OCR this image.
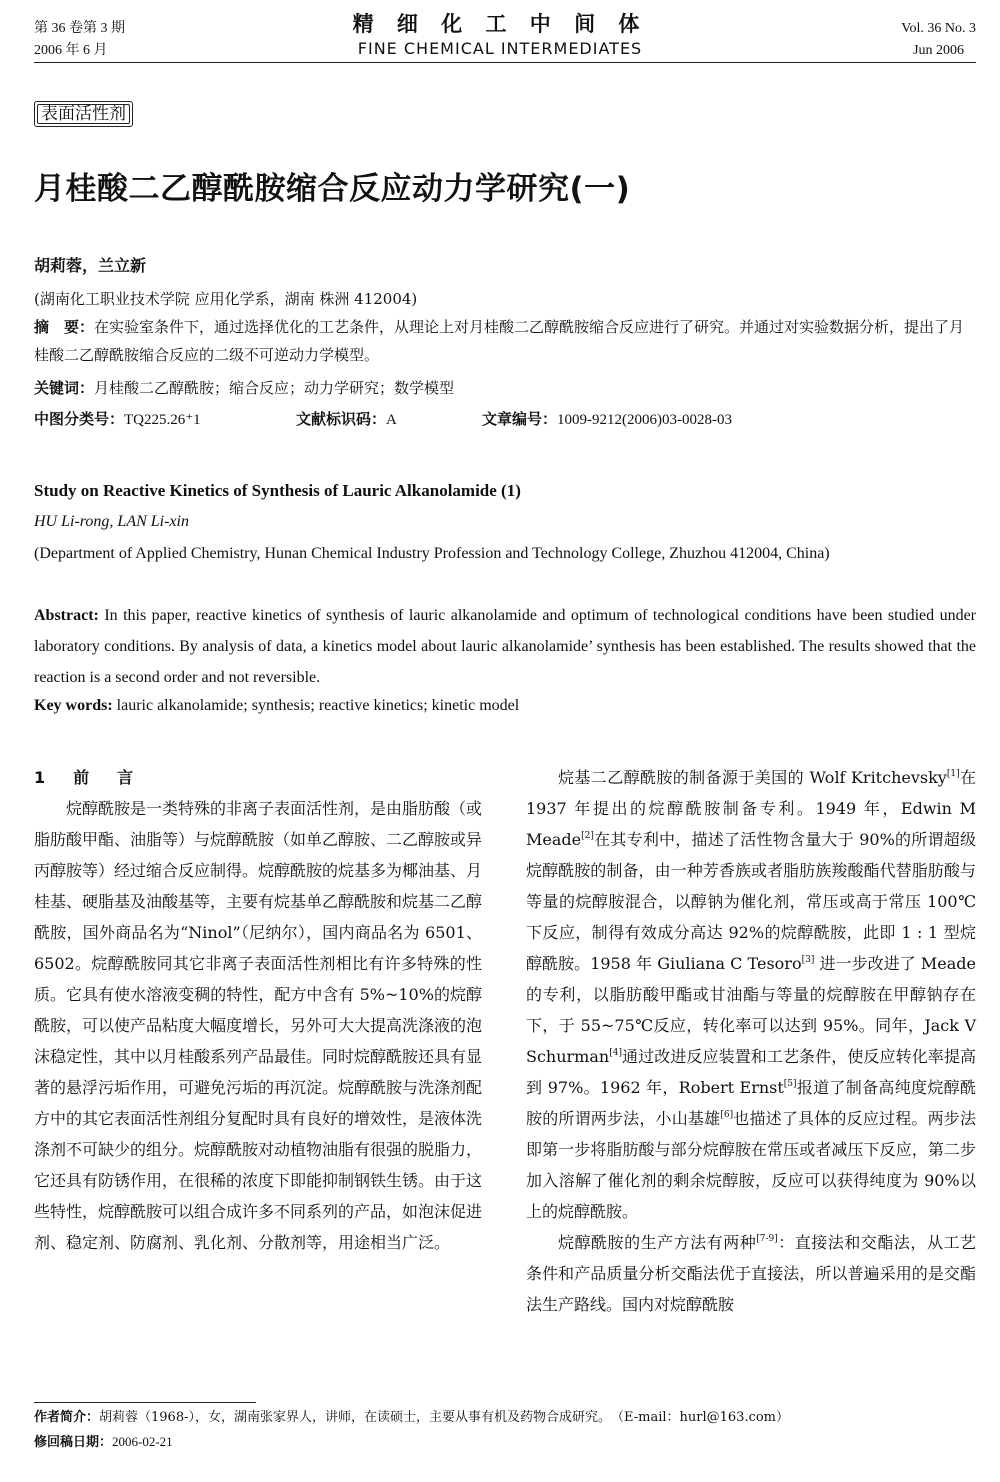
第 36 卷第 3 期
2006 年 6 月
精 细 化 工 中 间 体
FINE CHEMICAL INTERMEDIATES
Vol. 36 No. 3
Jun 2006
表面活性剂
月桂酸二乙醇酰胺缩合反应动力学研究(一)
胡莉蓉，兰立新
(湖南化工职业技术学院 应用化学系，湖南 株洲 412004)
摘　要：在实验室条件下，通过选择优化的工艺条件，从理论上对月桂酸二乙醇酰胺缩合反应进行了研究。并通过对实验数据分析，提出了月桂酸二乙醇酰胺缩合反应的二级不可逆动力学模型。
关键词：月桂酸二乙醇酰胺；缩合反应；动力学研究；数学模型
中图分类号：TQ225.26⁺1	文献标识码：A	文章编号：1009-9212(2006)03-0028-03
Study on Reactive Kinetics of Synthesis of Lauric Alkanolamide (1)
HU Li-rong, LAN Li-xin
(Department of Applied Chemistry, Hunan Chemical Industry Profession and Technology College, Zhuzhou 412004, China)
Abstract: In this paper, reactive kinetics of synthesis of lauric alkanolamide and optimum of technological conditions have been studied under laboratory conditions. By analysis of data, a kinetics model about lauric alkanolamide’ synthesis has been established. The results showed that the reaction is a second order and not reversible.
Key words: lauric alkanolamide; synthesis; reactive kinetics; kinetic model
1　前　言

烷醇酰胺是一类特殊的非离子表面活性剂，是由脂肪酸（或脂肪酸甲酯、油脂等）与烷醇酰胺（如单乙醇胺、二乙醇胺或异丙醇胺等）经过缩合反应制得。烷醇酰胺的烷基多为椰油基、月桂基、硬脂基及油酸基等，主要有烷基单乙醇酰胺和烷基二乙醇酰胺，国外商品名为“Ninol”（尼纳尔），国内商品名为 6501、6502。烷醇酰胺同其它非离子表面活性剂相比有许多特殊的性质。它具有使水溶液变稠的特性，配方中含有 5%~10%的烷醇酰胺，可以使产品粘度大幅度增长，另外可大大提高洗涤液的泡沫稳定性，其中以月桂酸系列产品最佳。同时烷醇酰胺还具有显著的悬浮污垢作用，可避免污垢的再沉淀。烷醇酰胺与洗涤剂配方中的其它表面活性剂组分复配时具有良好的增效性，是液体洗涤剂不可缺少的组分。烷醇酰胺对动植物油脂有很强的脱脂力，它还具有防锈作用，在很稀的浓度下即能抑制钢铁生锈。由于这些特性，烷醇酰胺可以组合成许多不同系列的产品，如泡沫促进剂、稳定剂、防腐剂、乳化剂、分散剂等，用途相当广泛。

烷基二乙醇酰胺的制备源于美国的 Wolf Kritchevsky[1]在 1937 年提出的烷醇酰胺制备专利。1949 年，Edwin M Meade[2]在其专利中，描述了活性物含量大于 90%的所谓超级烷醇酰胺的制备，由一种芳香族或者脂肪族羧酸酯代替脂肪酸与等量的烷醇胺混合，以醇钠为催化剂，常压或高于常压 100℃下反应，制得有效成分高达 92%的烷醇酰胺，此即 1 : 1 型烷醇酰胺。1958 年 Giuliana C Tesoro[3] 进一步改进了 Meade 的专利，以脂肪酸甲酯或甘油酯与等量的烷醇胺在甲醇钠存在下，于 55~75℃反应，转化率可以达到 95%。同年，Jack V Schurman[4]通过改进反应装置和工艺条件，使反应转化率提高到 97%。1962 年，Robert Ernst[5]报道了制备高纯度烷醇酰胺的所谓两步法，小山基雄[6]也描述了具体的反应过程。两步法即第一步将脂肪酸与部分烷醇胺在常压或者减压下反应，第二步加入溶解了催化剂的剩余烷醇胺，反应可以获得纯度为 90%以上的烷醇酰胺。

烷醇酰胺的生产方法有两种[7-9]：直接法和交酯法，从工艺条件和产品质量分析交酯法优于直接法，所以普遍采用的是交酯法生产路线。国内对烷醇酰胺

作者简介：胡莉蓉（1968-），女，湖南张家界人，讲师，在读硕士，主要从事有机及药物合成研究。　（E-mail：hurl@163.com）
修回稿日期：2006-02-21
